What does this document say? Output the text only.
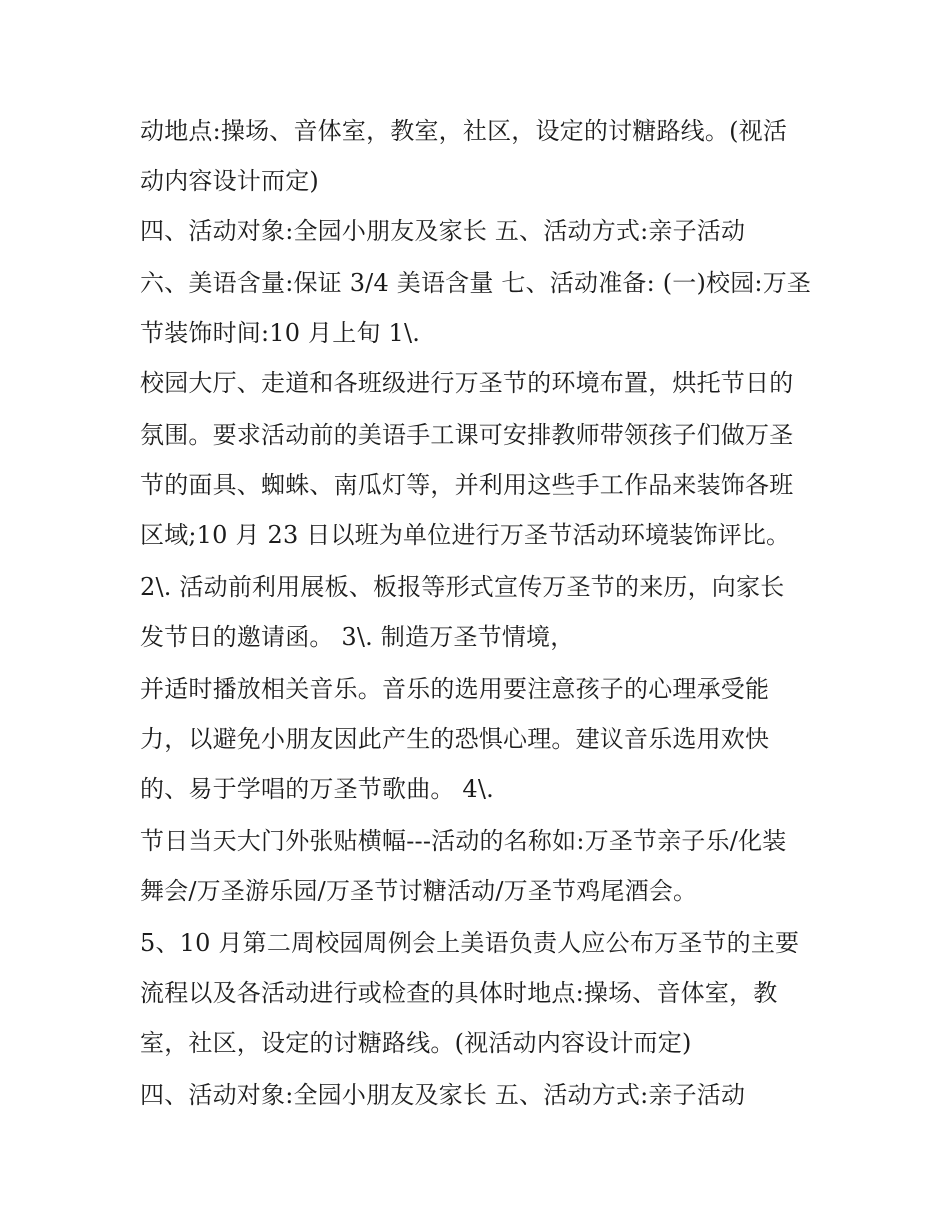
动地点:操场、音体室，教室，社区，设定的讨糖路线。(视活
动内容设计而定)
四、活动对象:全园小朋友及家长 五、活动方式:亲子活动
六、美语含量:保证 3/4 美语含量 七、活动准备: (一)校园:万圣
节装饰时间:10 月上旬 1\.
校园大厅、走道和各班级进行万圣节的环境布置，烘托节日的
氛围。要求活动前的美语手工课可安排教师带领孩子们做万圣
节的面具、蜘蛛、南瓜灯等，并利用这些手工作品来装饰各班
区域;10 月 23 日以班为单位进行万圣节活动环境装饰评比。
2\. 活动前利用展板、板报等形式宣传万圣节的来历，向家长
发节日的邀请函。 3\. 制造万圣节情境，
并适时播放相关音乐。音乐的选用要注意孩子的心理承受能
力，以避免小朋友因此产生的恐惧心理。建议音乐选用欢快
的、易于学唱的万圣节歌曲。 4\.
节日当天大门外张贴横幅---活动的名称如:万圣节亲子乐/化装
舞会/万圣游乐园/万圣节讨糖活动/万圣节鸡尾酒会。
5、10 月第二周校园周例会上美语负责人应公布万圣节的主要
流程以及各活动进行或检查的具体时地点:操场、音体室，教
室，社区，设定的讨糖路线。(视活动内容设计而定)
四、活动对象:全园小朋友及家长 五、活动方式:亲子活动
